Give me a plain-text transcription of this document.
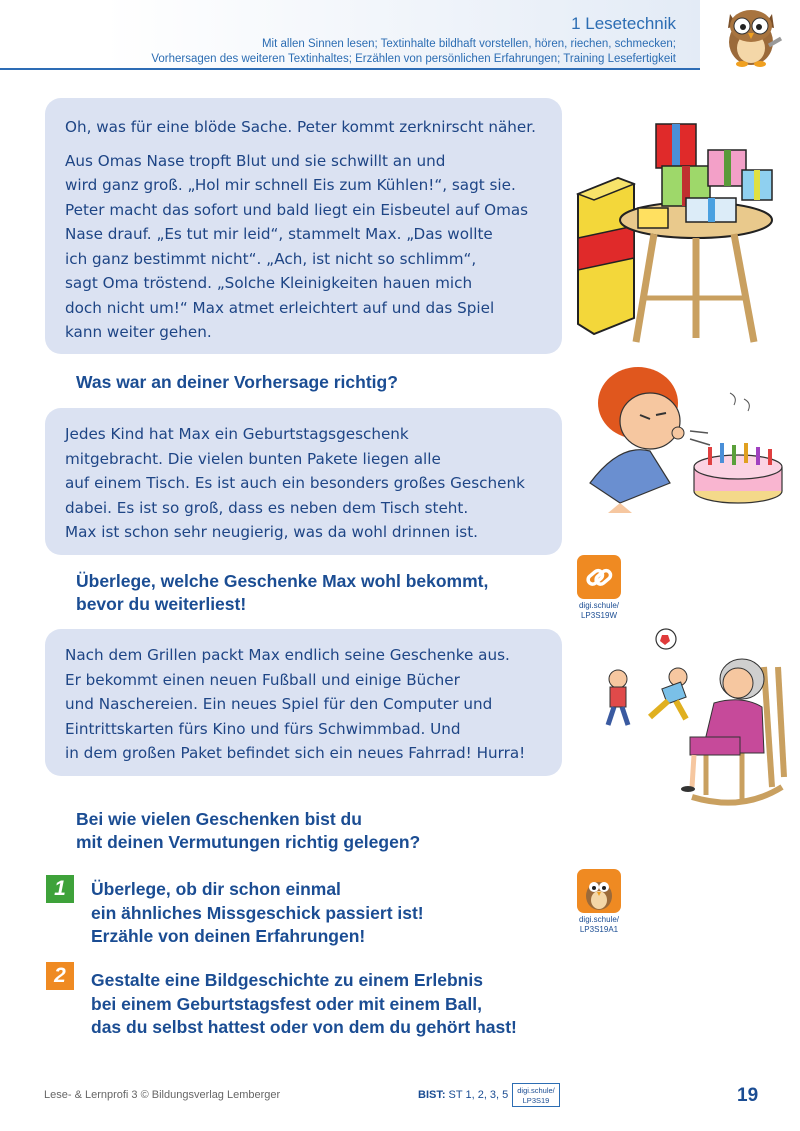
1 Lesetechnik
Mit allen Sinnen lesen; Textinhalte bildhaft vorstellen, hören, riechen, schmecken;
Vorhersagen des weiteren Textinhaltes; Erzählen von persönlichen Erfahrungen; Training Lesefertigkeit

Oh, was für eine blöde Sache. Peter kommt zerknirscht näher.

Aus Omas Nase tropft Blut und sie schwillt an und
wird ganz groß. „Hol mir schnell Eis zum Kühlen!“, sagt sie.
Peter macht das sofort und bald liegt ein Eisbeutel auf Omas
Nase drauf. „Es tut mir leid“, stammelt Max. „Das wollte
ich ganz bestimmt nicht“. „Ach, ist nicht so schlimm“,
sagt Oma tröstend. „Solche Kleinigkeiten hauen mich
doch nicht um!“ Max atmet erleichtert auf und das Spiel
kann weiter gehen.

Was war an deiner Vorhersage richtig?

Jedes Kind hat Max ein Geburtstagsgeschenk
mitgebracht. Die vielen bunten Pakete liegen alle
auf einem Tisch. Es ist auch ein besonders großes Geschenk
dabei. Es ist so groß, dass es neben dem Tisch steht.
Max ist schon sehr neugierig, was da wohl drinnen ist.

Überlege, welche Geschenke Max wohl bekommt,
bevor du weiterliest!	digi.schule/
LP3S19W

Nach dem Grillen packt Max endlich seine Geschenke aus.
Er bekommt einen neuen Fußball und einige Bücher
und Naschereien. Ein neues Spiel für den Computer und
Eintrittskarten fürs Kino und fürs Schwimmbad. Und
in dem großen Paket befindet sich ein neues Fahrrad! Hurra!

Bei wie vielen Geschenken bist du
mit deinen Vermutungen richtig gelegen?
1	Überlege, ob dir schon einmal
ein ähnliches Missgeschick passiert ist!
Erzähle von deinen Erfahrungen!
digi.schule/
LP3S19A1
2	Gestalte eine Bildgeschichte zu einem Erlebnis
bei einem Geburtstagsfest oder mit einem Ball,
das du selbst hattest oder von dem du gehört hast!
Lese- & Lernprofi 3 © Bildungsverlag Lemberger	BIST: ST 1, 2, 3, 5	digi.schule/
LP3S19	19
